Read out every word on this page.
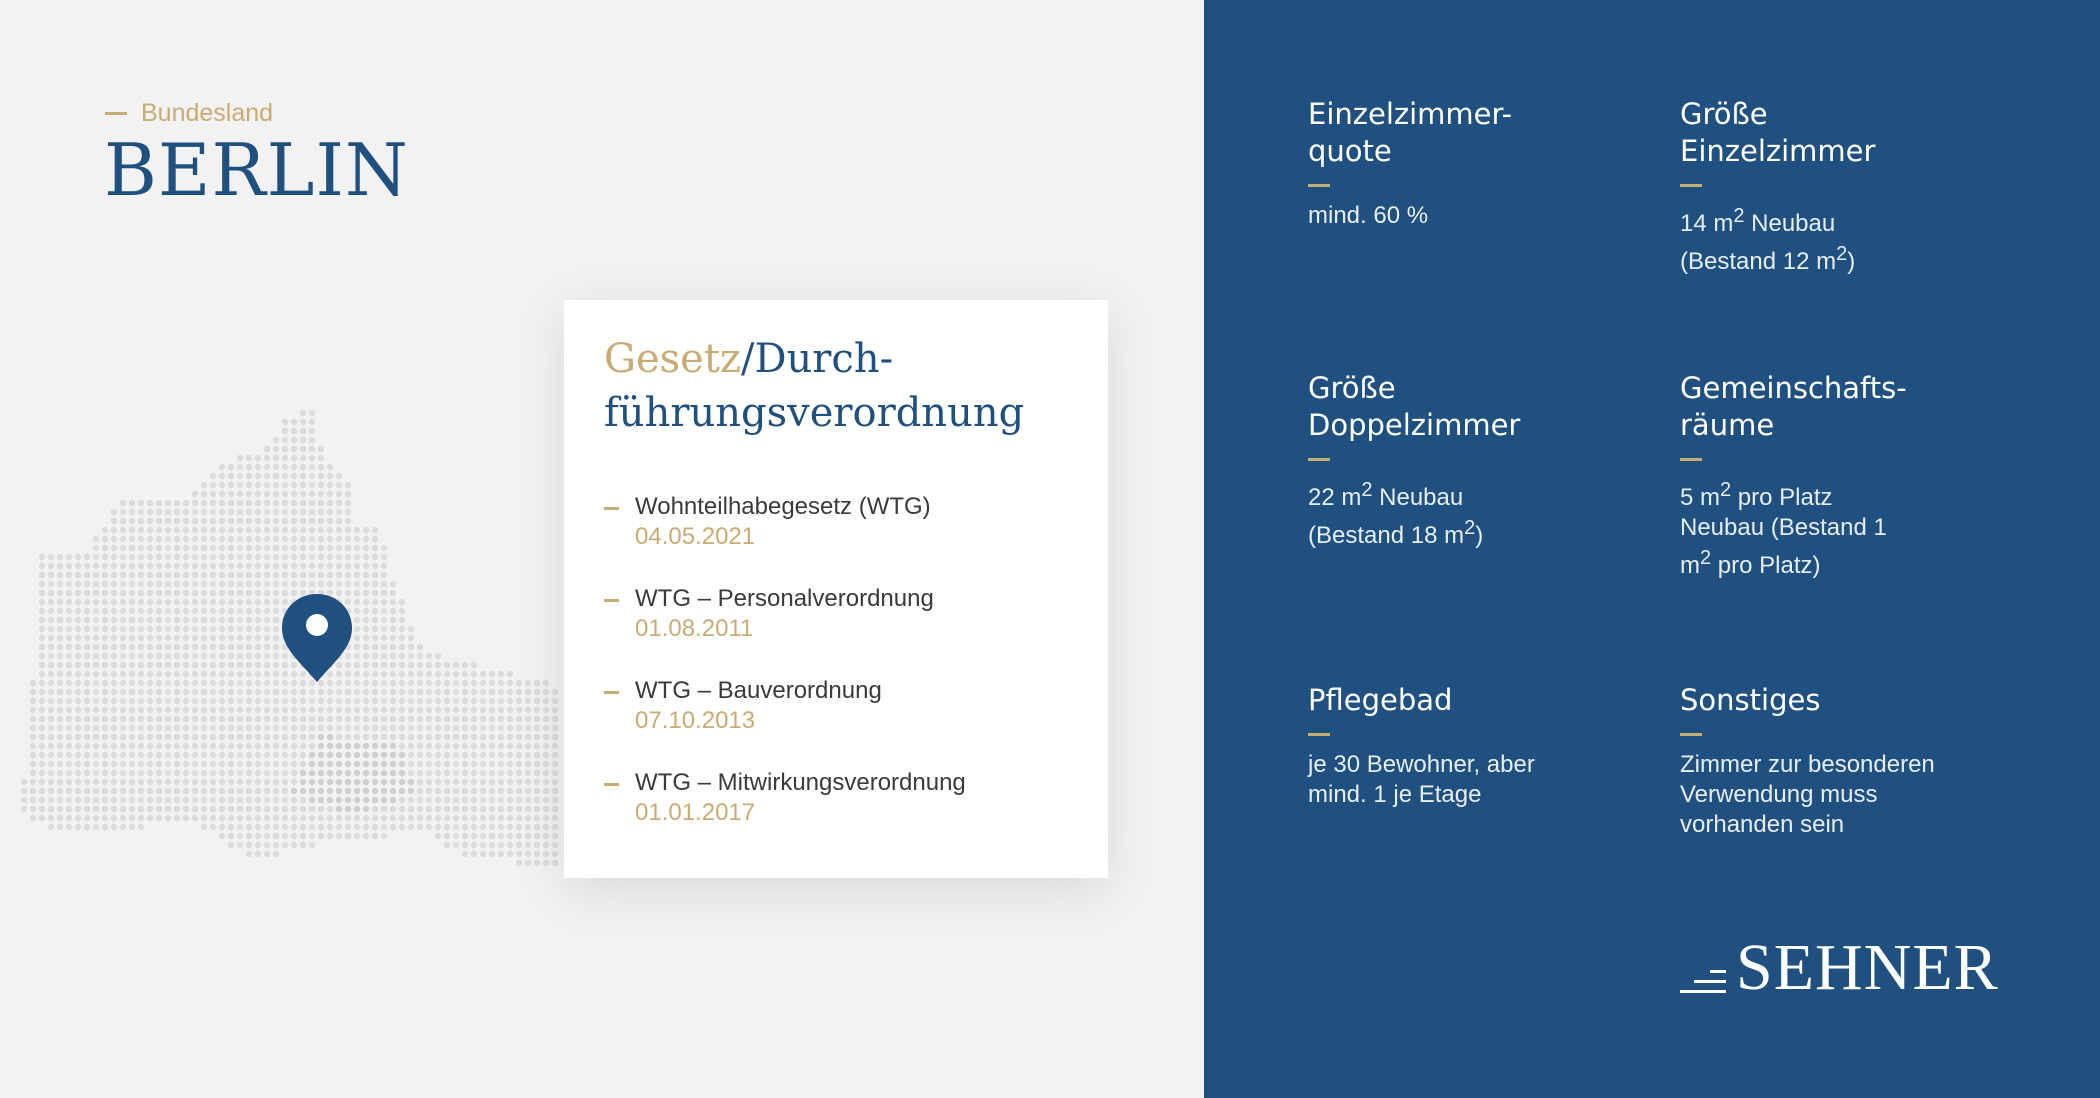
Bundesland
BERLIN
Gesetz/Durch-
führungsverordnung
Wohnteilhabegesetz (WTG)
04.05.2021
WTG – Personalverordnung
01.08.2011
WTG – Bauverordnung
07.10.2013
WTG – Mitwirkungsverordnung
01.01.2017
Einzelzimmer-
quote
mind. 60 %
Größe
Einzelzimmer
14 $m^2$ Neubau
(Bestand 12 $m^2$)
Größe
Doppelzimmer
22 $m^2$ Neubau
(Bestand 18 $m^2$)
Gemeinschafts-
räume
5 $m^2$ pro Platz
Neubau (Bestand 1
$m^2$ pro Platz)
Pflegebad
je 30 Bewohner, aber
mind. 1 je Etage
Sonstiges
Zimmer zur besonderen
Verwendung muss
vorhanden sein
SEHNER
